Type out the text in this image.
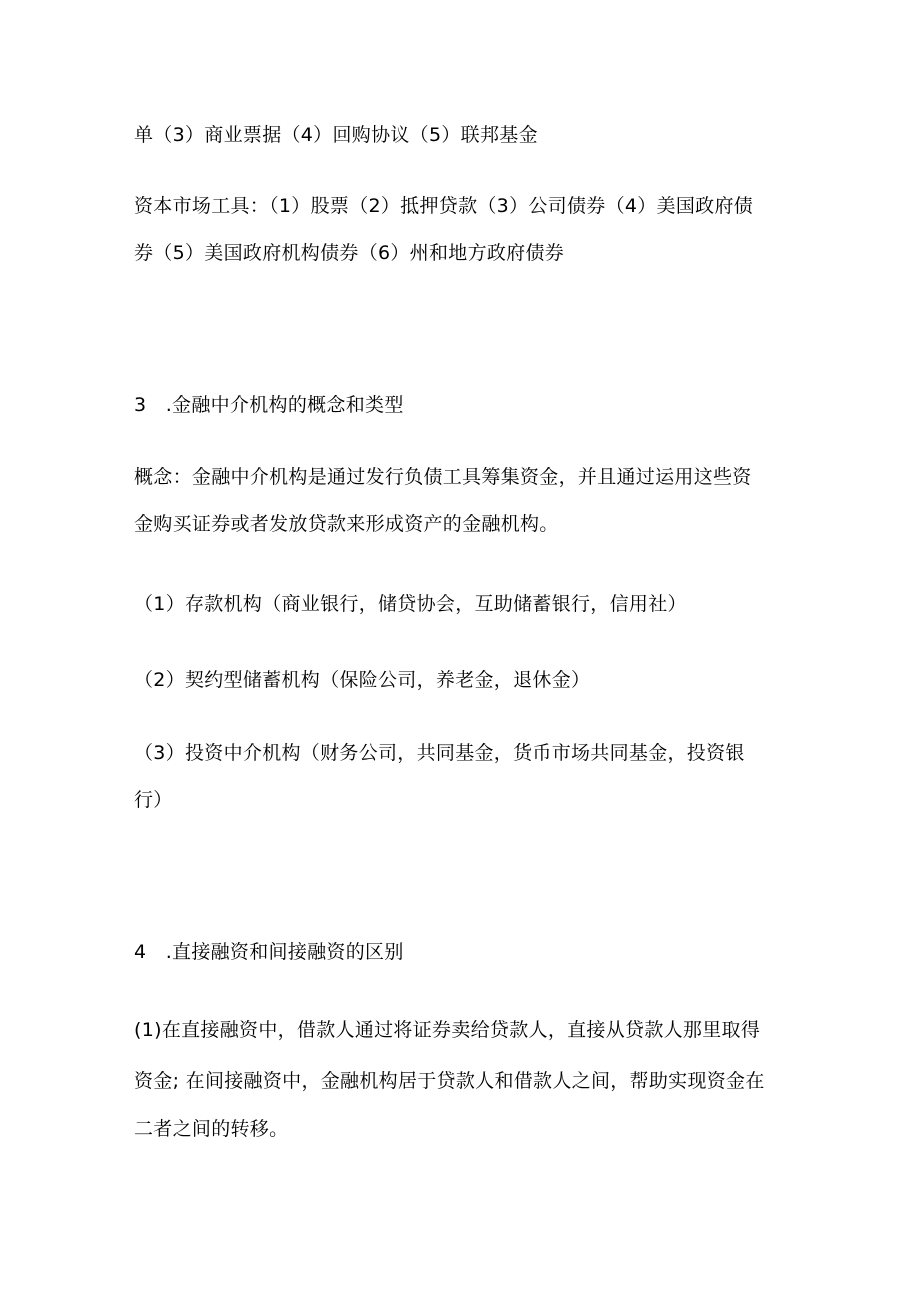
单（3）商业票据（4）回购协议（5）联邦基金
资本市场工具：（1）股票（2）抵押贷款（3）公司债券（4）美国政府债
券（5）美国政府机构债券（6）州和地方政府债券
3　.金融中介机构的概念和类型
概念：金融中介机构是通过发行负债工具筹集资金，并且通过运用这些资
金购买证券或者发放贷款来形成资产的金融机构。
（1）存款机构（商业银行，储贷协会，互助储蓄银行，信用社）
（2）契约型储蓄机构（保险公司，养老金，退休金）
（3）投资中介机构（财务公司，共同基金，货币市场共同基金，投资银
行）
4　.直接融资和间接融资的区别
(1)在直接融资中，借款人通过将证券卖给贷款人，直接从贷款人那里取得
资金; 在间接融资中，金融机构居于贷款人和借款人之间，帮助实现资金在
二者之间的转移。
